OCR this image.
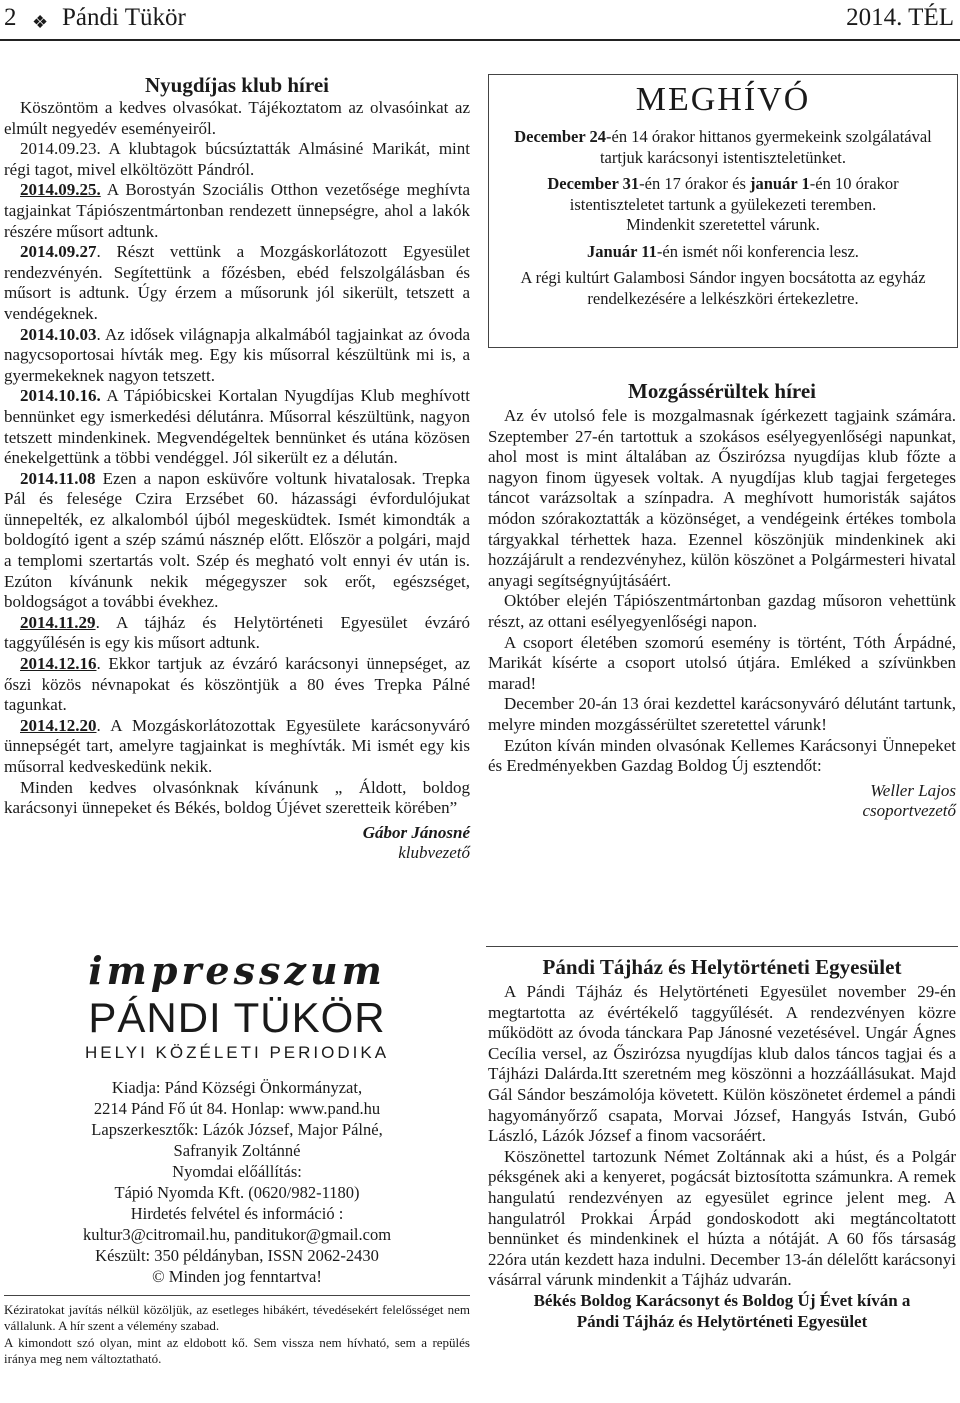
2 ❖ Pándi Tükör	2014. TÉL
Nyugdíjas klub hírei

Köszöntöm a kedves olvasókat. Tájékoztatom az olvasóinkat az elmúlt negyedév eseményeiről.

2014.09.23. A klubtagok búcsúztatták Almásiné Marikát, mint régi tagot, mivel elköltözött Pándról.

2014.09.25. A Borostyán Szociális Otthon vezetősége meghívta tagjainkat Tápiószentmártonban rendezett ünnepségre, ahol a lakók részére műsort adtunk.

2014.09.27. Részt vettünk a Mozgáskorlátozott Egyesület rendezvényén. Segítettünk a főzésben, ebéd felszolgálásban és műsort is adtunk. Úgy érzem a műsorunk jól sikerült, tetszett a vendégeknek.

2014.10.03. Az idősek világnapja alkalmából tagjainkat az óvoda nagycsoportosai hívták meg. Egy kis műsorral készültünk mi is, a gyermekeknek nagyon tetszett.

2014.10.16. A Tápióbicskei Kortalan Nyugdíjas Klub meghívott bennünket egy ismerkedési délutánra. Műsorral készültünk, nagyon tetszett mindenkinek. Megvendégeltek bennünket és utána közösen énekelgettünk a többi vendéggel. Jól sikerült ez a délután.

2014.11.08 Ezen a napon esküvőre voltunk hivatalosak. Trepka Pál és felesége Czira Erzsébet 60. házassági évfordulójukat ünnepelték, ez alkalomból újból megesküdtek. Ismét kimondták a boldogító igent a szép számú násznép előtt. Először a polgári, majd a templomi szertartás volt. Szép és megható volt ennyi év után is. Ezúton kívánunk nekik mégegyszer sok erőt, egészséget, boldogságot a további évekhez.

2014.11.29. A tájház és Helytörténeti Egyesület évzáró taggyűlésén is egy kis műsort adtunk.

2014.12.16. Ekkor tartjuk az évzáró karácsonyi ünnepséget, az őszi közös névnapokat és köszöntjük a 80 éves Trepka Pálné tagunkat.

2014.12.20. A Mozgáskorlátozottak Egyesülete karácsonyváró ünnepségét tart, amelyre tagjainkat is meghívták. Mi ismét egy kis műsorral kedveskedünk nekik.

Minden kedves olvasónknak kívánunk „ Áldott, boldog karácsonyi ünnepeket és Békés, boldog Újévet szeretteik körében”

Gábor Jánosné
klubvezető
impresszum
PÁNDI TÜKÖR
HELYI KÖZÉLETI PERIODIKA
Kiadja: Pánd Községi Önkormányzat,
2214 Pánd Fő út 84. Honlap: www.pand.hu
Lapszerkesztők: Lázók József, Major Pálné,
Safranyik Zoltánné
Nyomdai előállítás:
Tápió Nyomda Kft. (0620/982-1180)
Hirdetés felvétel és információ :
kultur3@citromail.hu, panditukor@gmail.com
Készült: 350 példányban, ISSN 2062-2430
© Minden jog fenntartva!
Kéziratokat javítás nélkül közöljük, az esetleges hibákért, tévedésekért felelősséget nem vállalunk. A hír szent a vélemény szabad.
A kimondott szó olyan, mint az eldobott kő. Sem vissza nem hívható, sem a repülés iránya meg nem változtatható.
MEGHÍVÓ

December 24-én 14 órakor hittanos gyermekeink szolgálatával tartjuk karácsonyi istentiszteletünket.

December 31-én 17 órakor és január 1-én 10 órakor istentiszteletet tartunk a gyülekezeti teremben.

Mindenkit szeretettel várunk.

Január 11-én ismét női konferencia lesz.

A régi kultúrt Galambosi Sándor ingyen bocsátotta az egyház rendelkezésére a lelkészköri értekezletre.

Mozgássérültek hírei

Az év utolsó fele is mozgalmasnak ígérkezett tagjaink számára. Szeptember 27-én tartottuk a szokásos esélyegyenlőségi napunkat, ahol most is mint általában az Őszirózsa nyugdíjas klub főzte a nagyon finom ügyesek voltak. A nyugdíjas klub tagjai fergeteges táncot varázsoltak a színpadra. A meghívott humoristák sajátos módon szórakoztatták a közönséget, a vendégeink értékes tombola tárgyakkal térhettek haza. Ezennel köszönjük mindenkinek aki hozzájárult a rendezvényhez, külön köszönet a Polgármesteri hivatal anyagi segítségnyújtásáért.

Október elején Tápiószentmártonban gazdag műsoron vehettünk részt, az ottani esélyegyenlőségi napon.

A csoport életében szomorú esemény is történt, Tóth Árpádné, Marikát kísérte a csoport utolsó útjára. Emléked a szívünkben marad!

December 20-án 13 órai kezdettel karácsonyváró délutánt tartunk, melyre minden mozgássérültet szeretettel várunk!

Ezúton kíván minden olvasónak Kellemes Karácsonyi Ünnepeket és Eredményekben Gazdag Boldog Új esztendőt:

Weller Lajos
csoportvezető
Pándi Tájház és Helytörténeti Egyesület

A Pándi Tájház és Helytörténeti Egyesület november 29-én megtartotta az évértékelő taggyűlését. A rendezvényen közre működött az óvoda tánckara Pap Jánosné vezetésével. Ungár Ágnes Cecília versel, az Őszirózsa nyugdíjas klub dalos táncos tagjai és a Tájházi Dalárda.Itt szeretném meg köszönni a hozzáállásukat. Majd Gál Sándor beszámolója követett. Külön köszönetet érdemel a pándi hagyományőrző csapata, Morvai József, Hangyás István, Gubó László, Lázók József a finom vacsoráért.

Köszönettel tartozunk Német Zoltánnak aki a húst, és a Polgár péksgének aki a kenyeret, pogácsát biztosította számunkra. A remek hangulatú rendezvényen az egyesület egrince jelent meg. A hangulatról Prokkai Árpád gondoskodott aki megtáncoltatott bennünket és mindenkinek el húzta a nótáját. A 60 fős társaság 22óra után kezdett haza indulni. December 13-án délelőtt karácsonyi vásárral várunk mindenkit a Tájház udvarán.

Békés Boldog Karácsonyt és Boldog Új Évet kíván a
Pándi Tájház és Helytörténeti Egyesület
